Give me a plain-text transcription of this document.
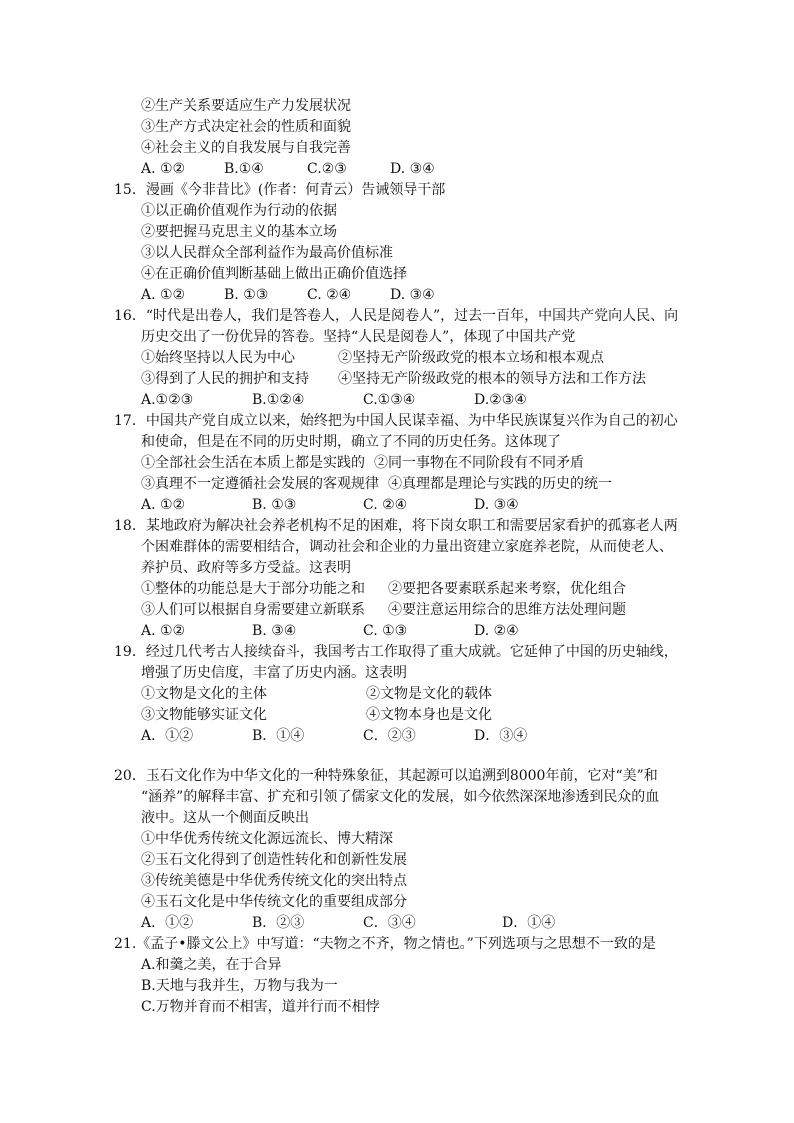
②生产关系要适应生产力发展状况
③生产方式决定社会的性质和面貌
④社会主义的自我发展与自我完善
A. ①②	B.①④	C.②③	D. ③④
15．漫画《今非昔比》(作者：何青云）告诫领导干部
①以正确价值观作为行动的依据
②要把握马克思主义的基本立场
③以人民群众全部利益作为最高价值标准
④在正确价值判断基础上做出正确价值选择
A. ①②	B. ①③	C. ②④	D. ③④
16．“时代是出卷人，我们是答卷人，人民是阅卷人”，过去一百年，中国共产党向人民、向
历史交出了一份优异的答卷。坚持“人民是阅卷人”，体现了中国共产党
①始终坚持以人民为中心	②坚持无产阶级政党的根本立场和根本观点
③得到了人民的拥护和支持 ④坚持无产阶级政党的根本的领导方法和工作方法
A.①②③	B.①②④	C.①③④	D.②③④
17．中国共产党自成立以来，始终把为中国人民谋幸福、为中华民族谋复兴作为自己的初心
和使命，但是在不同的历史时期，确立了不同的历史任务。这体现了
①全部社会生活在本质上都是实践的 ②同一事物在不同阶段有不同矛盾
③真理不一定遵循社会发展的客观规律 ④真理都是理论与实践的历史的统一
A. ①②	B. ①③	C. ②④	D. ③④
18．某地政府为解决社会养老机构不足的困难，将下岗女职工和需要居家看护的孤寡老人两
个困难群体的需要相结合，调动社会和企业的力量出资建立家庭养老院，从而使老人、
养护员、政府等多方受益。这表明
①整体的功能总是大于部分功能之和 ②要把各要素联系起来考察，优化组合
③人们可以根据自身需要建立新联系 ④要注意运用综合的思维方法处理问题
A. ①②	B. ③④	C. ①③	D. ②④
19．经过几代考古人接续奋斗，我国考古工作取得了重大成就。它延伸了中国的历史轴线，
增强了历史信度，丰富了历史内涵。这表明
①文物是文化的主体	②文物是文化的载体
③文物能够实证文化	④文物本身也是文化
A．①②	B．①④	C．②③	D．③④
20．玉石文化作为中华文化的一种特殊象征，其起源可以追溯到8000年前，它对“美”和
“涵养”的解释丰富、扩充和引领了儒家文化的发展，如今依然深深地渗透到民众的血
液中。这从一个侧面反映出
①中华优秀传统文化源远流长、博大精深
②玉石文化得到了创造性转化和创新性发展
③传统美德是中华优秀传统文化的突出特点
④玉石文化是中华传统文化的重要组成部分
A．①②	B．②③	C．③④	D．①④
21.《孟子•滕文公上》中写道：“夫物之不齐，物之情也。”下列选项与之思想不一致的是
A.和羹之美，在于合异
B.天地与我并生，万物与我为一
C.万物并育而不相害，道并行而不相悖
